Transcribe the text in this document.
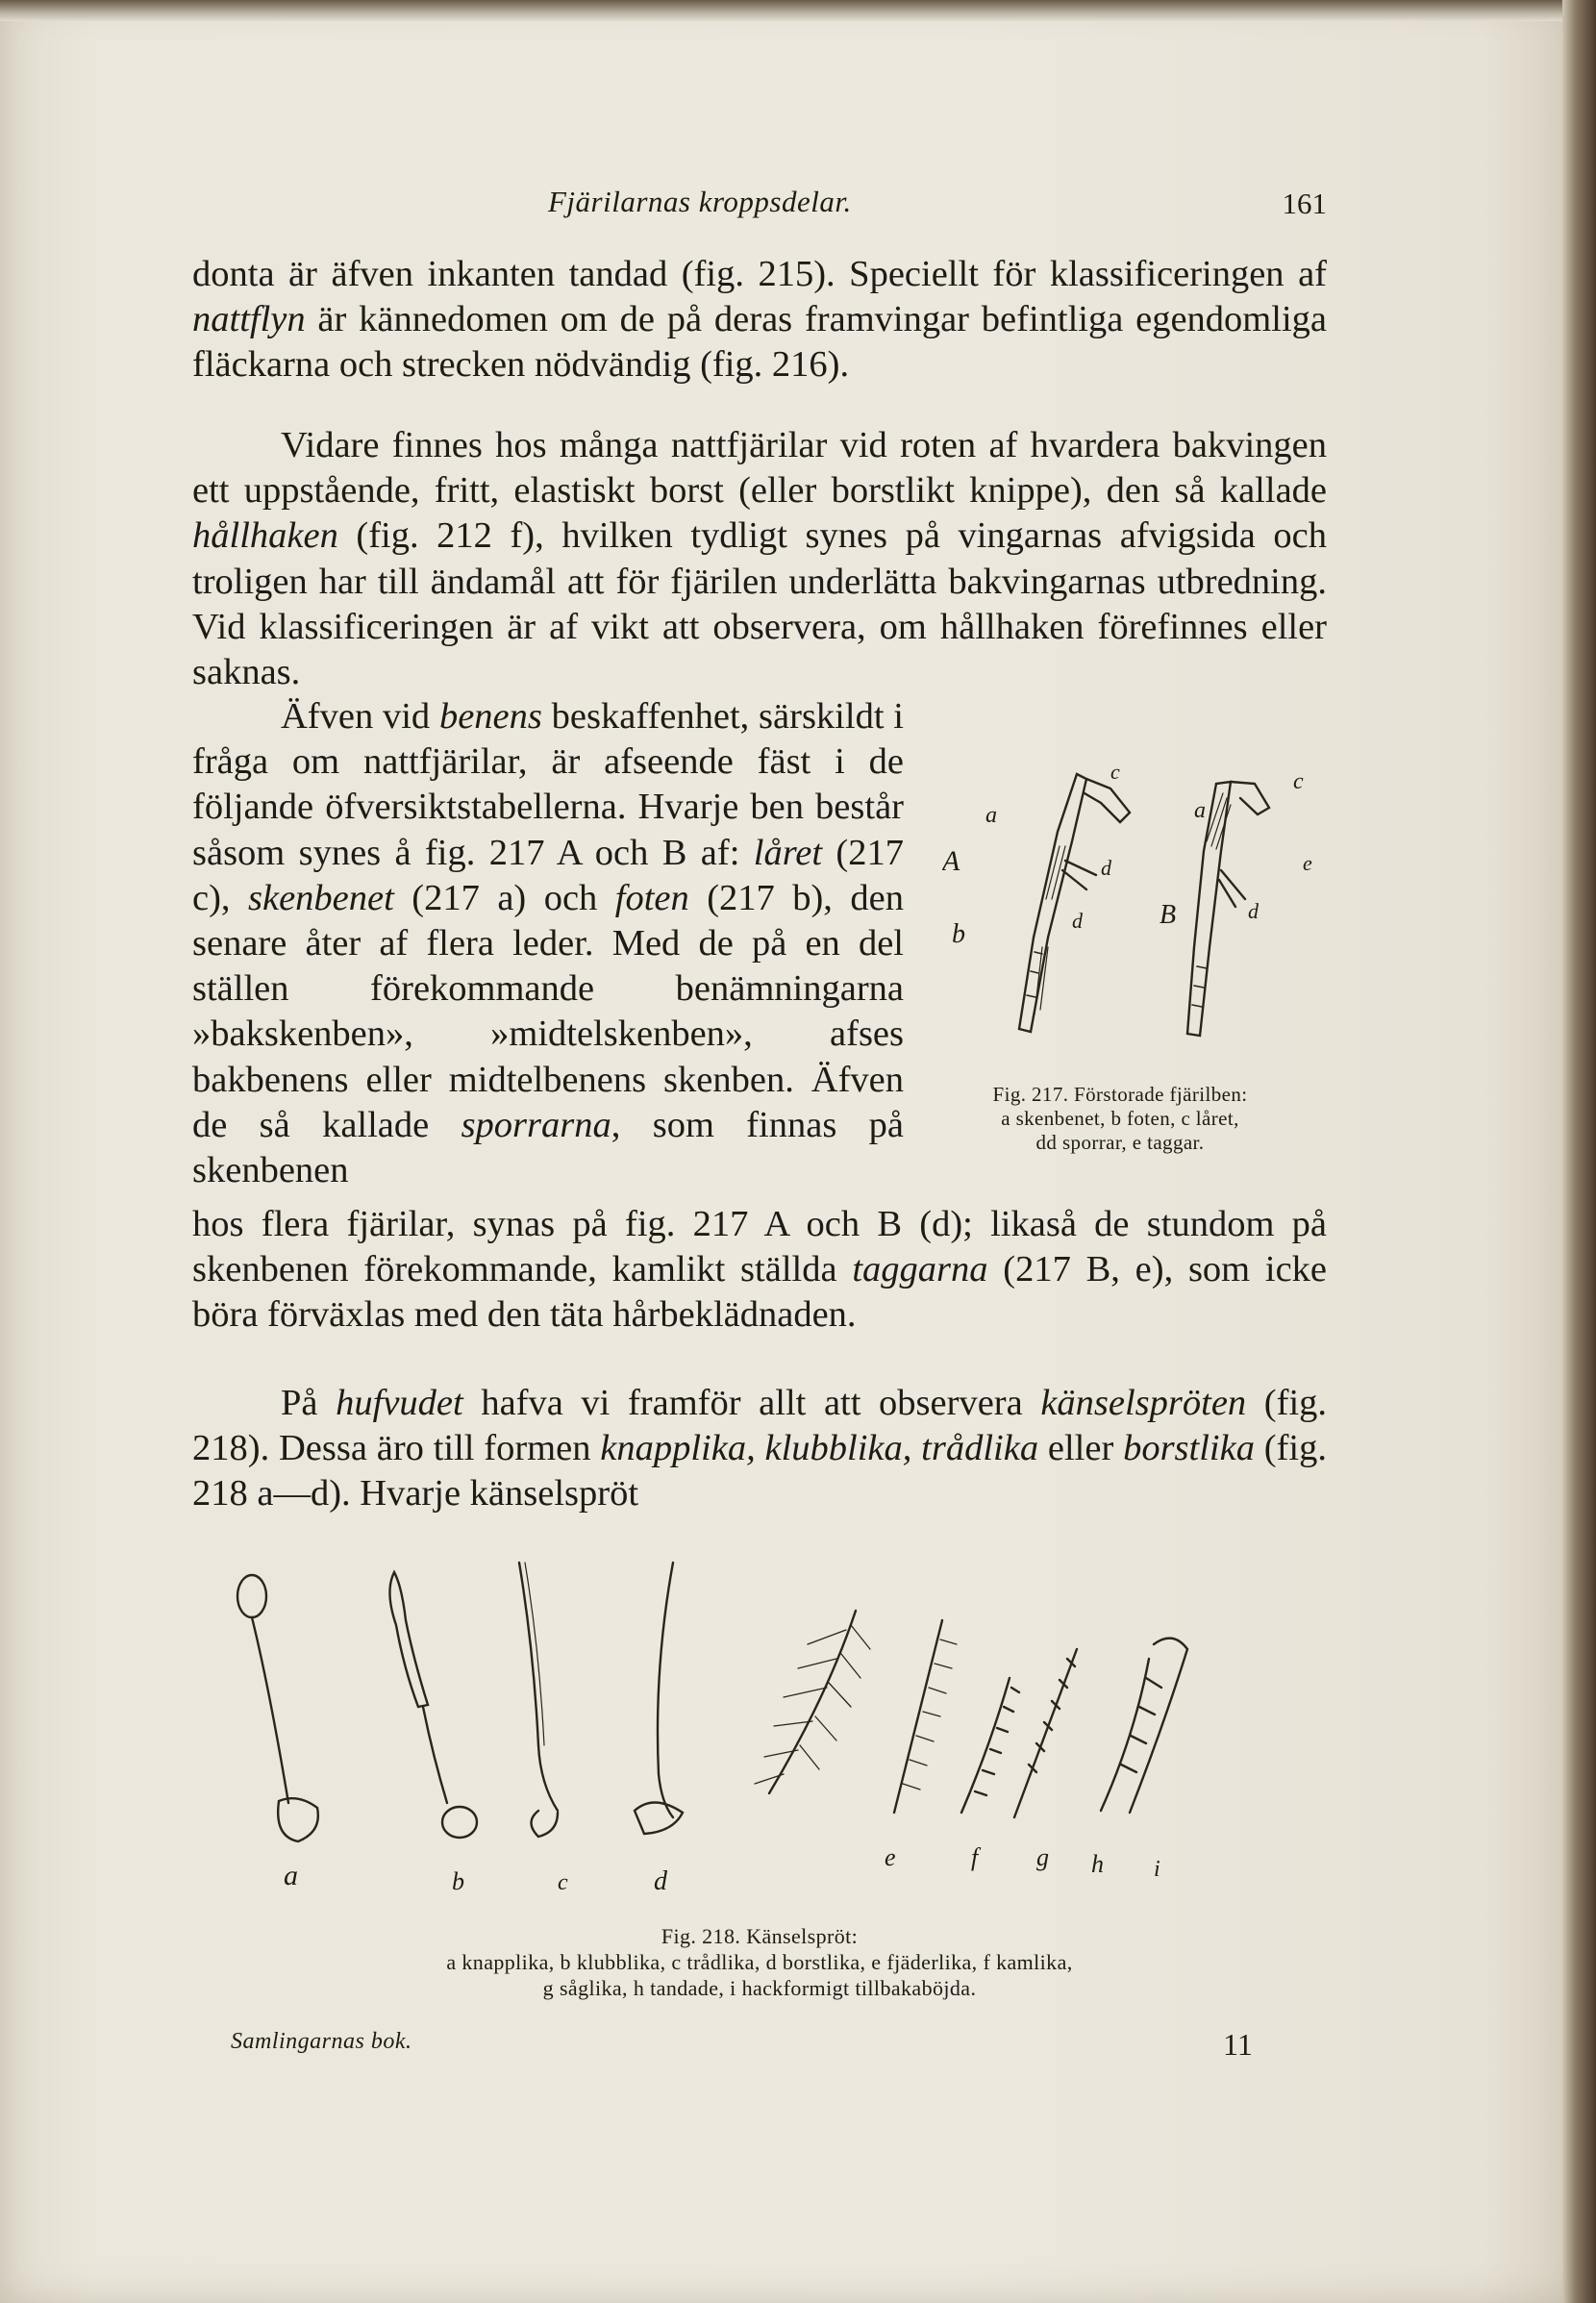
Fjärilarnas kroppsdelar.	161
donta är äfven inkanten tandad (fig. 215). Speciellt för klassificeringen af nattflyn är kännedomen om de på deras framvingar befintliga egendomliga fläckarna och strecken nödvändig (fig. 216).
Vidare finnes hos många nattfjärilar vid roten af hvardera bakvingen ett uppstående, fritt, elastiskt borst (eller borstlikt knippe), den så kallade hållhaken (fig. 212 f), hvilken tydligt synes på vingarnas afvigsida och troligen har till ändamål att för fjärilen underlätta bakvingarnas utbredning. Vid klassificeringen är af vikt att observera, om hållhaken förefinnes eller saknas.
Äfven vid benens beskaffenhet, särskildt i fråga om nattfjärilar, är afseende fäst i de följande öfversiktstabellerna. Hvarje ben består såsom synes å fig. 217 A och B af: låret (217 c), skenbenet (217 a) och foten (217 b), den senare åter af flera leder. Med de på en del ställen förekommande benämningarna »bakskenben», »midtelskenben», afses bakbenens eller midtelbenens skenben. Äfven de så kallade sporrarna, som finnas på skenbenen
hos flera fjärilar, synas på fig. 217 A och B (d); likaså de stundom på skenbenen förekommande, kamlikt ställda taggarna (217 B, e), som icke böra förväxlas med den täta hårbeklädnaden.
På hufvudet hafva vi framför allt att observera känselspröten (fig. 218). Dessa äro till formen knapplika, klubblika, trådlika eller borstlika (fig. 218 a—d). Hvarje känselspröt
A
a
b
c
d
d	B
a
c
e
d
Fig. 217. Förstorade fjärilben:
a skenbenet, b foten, c låret,
dd sporrar, e taggar.
a	b	c	d
e	f g h i
Fig. 218. Känselspröt:
a knapplika, b klubblika, c trådlika, d borstlika, e fjäderlika, f kamlika,
g såglika, h tandade, i hackformigt tillbakaböjda.
Samlingarnas bok.	11
